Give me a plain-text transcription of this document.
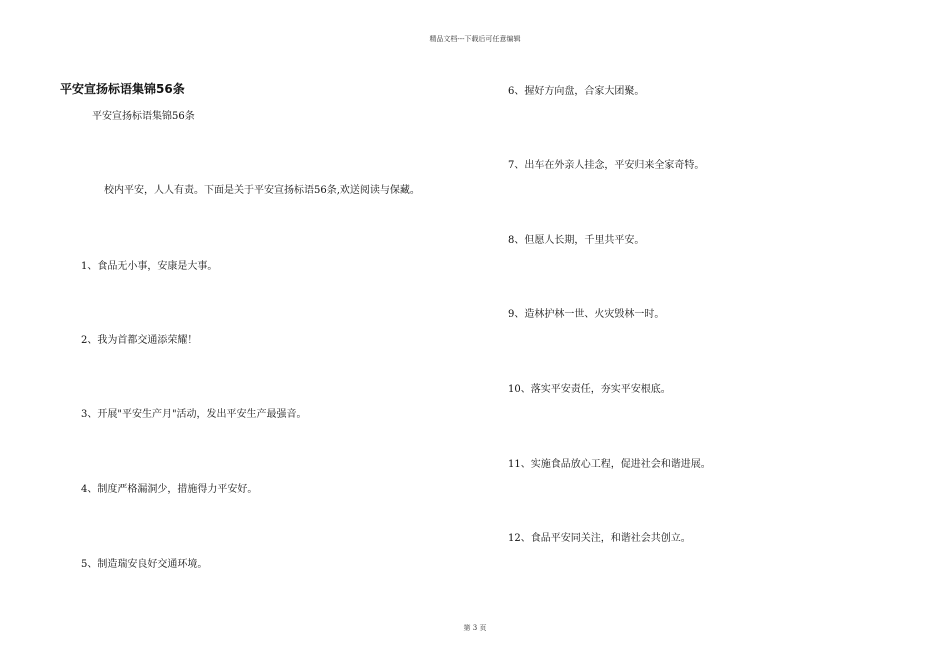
精品文档---下载后可任意编辑
平安宣扬标语集锦56条
平安宣扬标语集锦56条
校内平安，人人有责。下面是关于平安宣扬标语56条,欢送阅读与保藏。
1、食品无小事，安康是大事。
2、我为首都交通添荣耀！
3、开展"平安生产月"活动，发出平安生产最强音。
4、制度严格漏洞少，措施得力平安好。
5、制造瑞安良好交通环境。
6、握好方向盘，合家大团聚。
7、出车在外亲人挂念，平安归来全家奇特。
8、但愿人长期，千里共平安。
9、造林护林一世、火灾毁林一时。
10、落实平安责任，夯实平安根底。
11、实施食品放心工程，促进社会和谐进展。
12、食品平安同关注，和谐社会共创立。
第 3 页
